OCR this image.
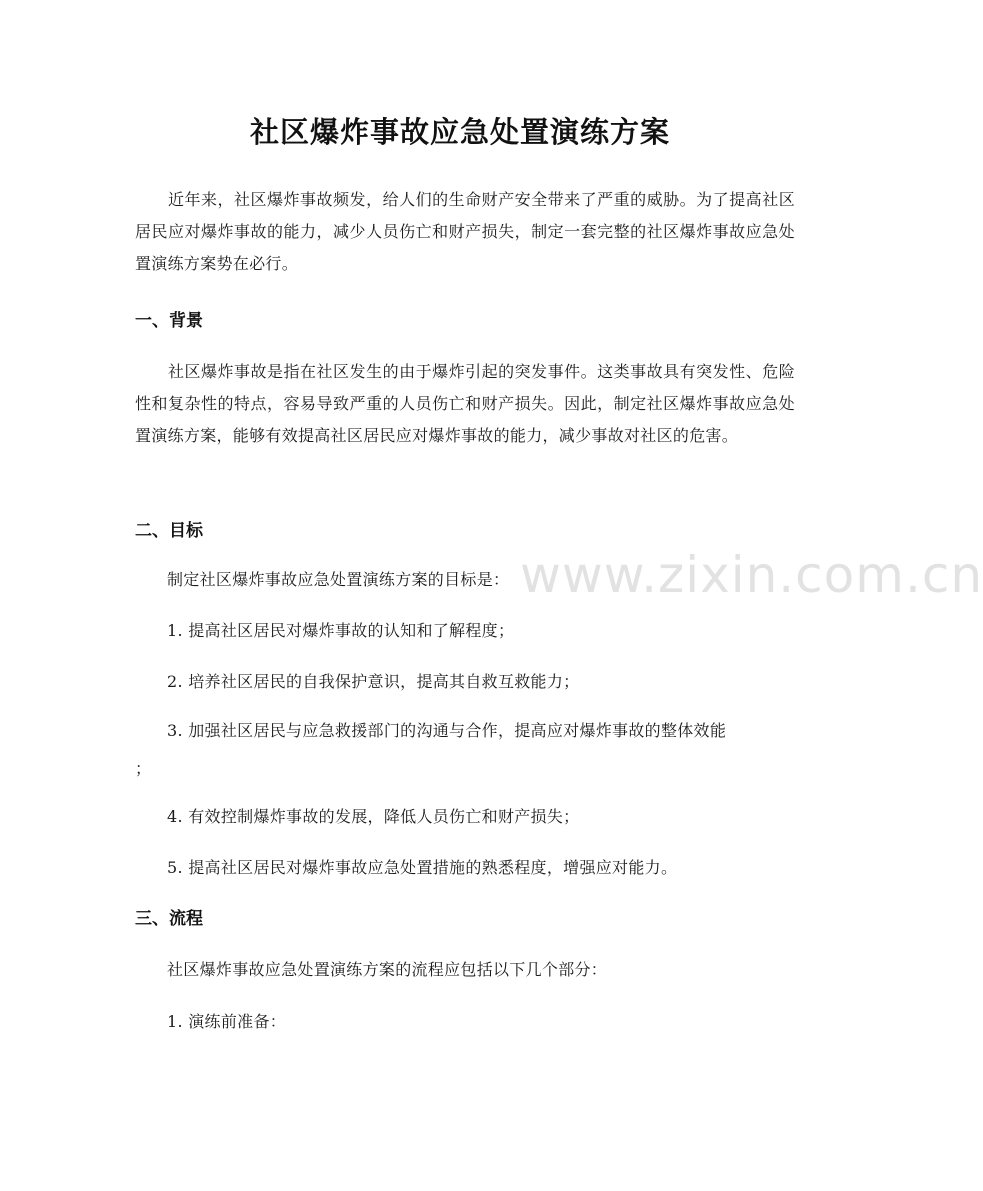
社区爆炸事故应急处置演练方案

近年来，社区爆炸事故频发，给人们的生命财产安全带来了严重的威胁。为了提高社区居民应对爆炸事故的能力，减少人员伤亡和财产损失，制定一套完整的社区爆炸事故应急处置演练方案势在必行。

一、背景

社区爆炸事故是指在社区发生的由于爆炸引起的突发事件。这类事故具有突发性、危险性和复杂性的特点，容易导致严重的人员伤亡和财产损失。因此，制定社区爆炸事故应急处置演练方案，能够有效提高社区居民应对爆炸事故的能力，减少事故对社区的危害。

二、目标
制定社区爆炸事故应急处置演练方案的目标是：
1. 提高社区居民对爆炸事故的认知和了解程度；
2. 培养社区居民的自我保护意识，提高其自救互救能力；
3. 加强社区居民与应急救援部门的沟通与合作，提高应对爆炸事故的整体效能
；
4. 有效控制爆炸事故的发展，降低人员伤亡和财产损失；
5. 提高社区居民对爆炸事故应急处置措施的熟悉程度，增强应对能力。
三、流程
社区爆炸事故应急处置演练方案的流程应包括以下几个部分：
1. 演练前准备：
www.zixin.com.cn
